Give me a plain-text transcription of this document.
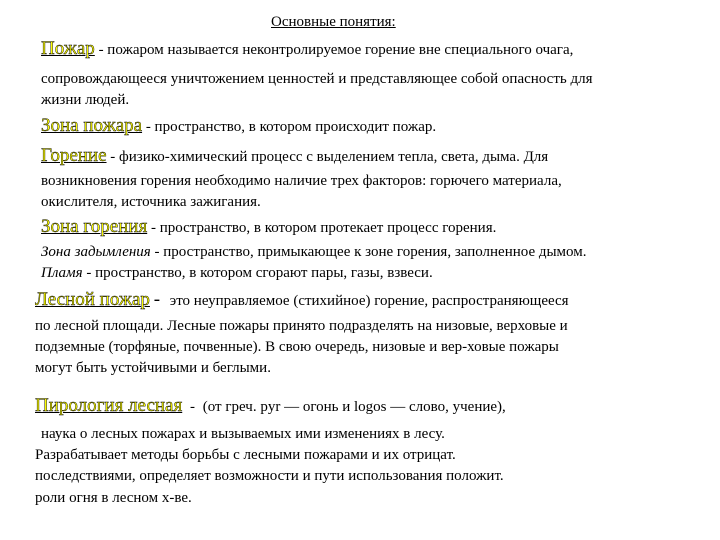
Основные понятия:
Пожар - пожаром называется неконтролируемое горение вне специального очага,
сопровождающееся уничтожением ценностей и представляющее собой опасность для
жизни людей.
Зона пожара - пространство, в котором происходит пожар.
Горение - физико-химический процесс с выделением тепла, света, дыма. Для
возникновения горения необходимо наличие трех факторов: горючего материала,
окислителя, источника зажигания.
Зона горения - пространство, в котором протекает процесс горения.
Зона задымления - пространство, примыкающее к зоне горения, заполненное дымом.
Пламя - пространство, в котором сгорают пары, газы, взвеси.
Лесной пожар - это неуправляемое (стихийное) горение, распространяющееся
по лесной площади. Лесные пожары принято подразделять на низовые, верховые и
подземные (торфяные, почвенные). В свою очередь, низовые и вер-ховые пожары
могут быть устойчивыми и беглыми.
Пирология лесная - (от греч. pyr — огонь и logos — слово, учение),
наука о лесных пожарах и вызываемых ими изменениях в лесу.
Разрабатывает методы борьбы с лесными пожарами и их отрицат.
последствиями, определяет возможности и пути использования положит.
роли огня в лесном х-ве.
